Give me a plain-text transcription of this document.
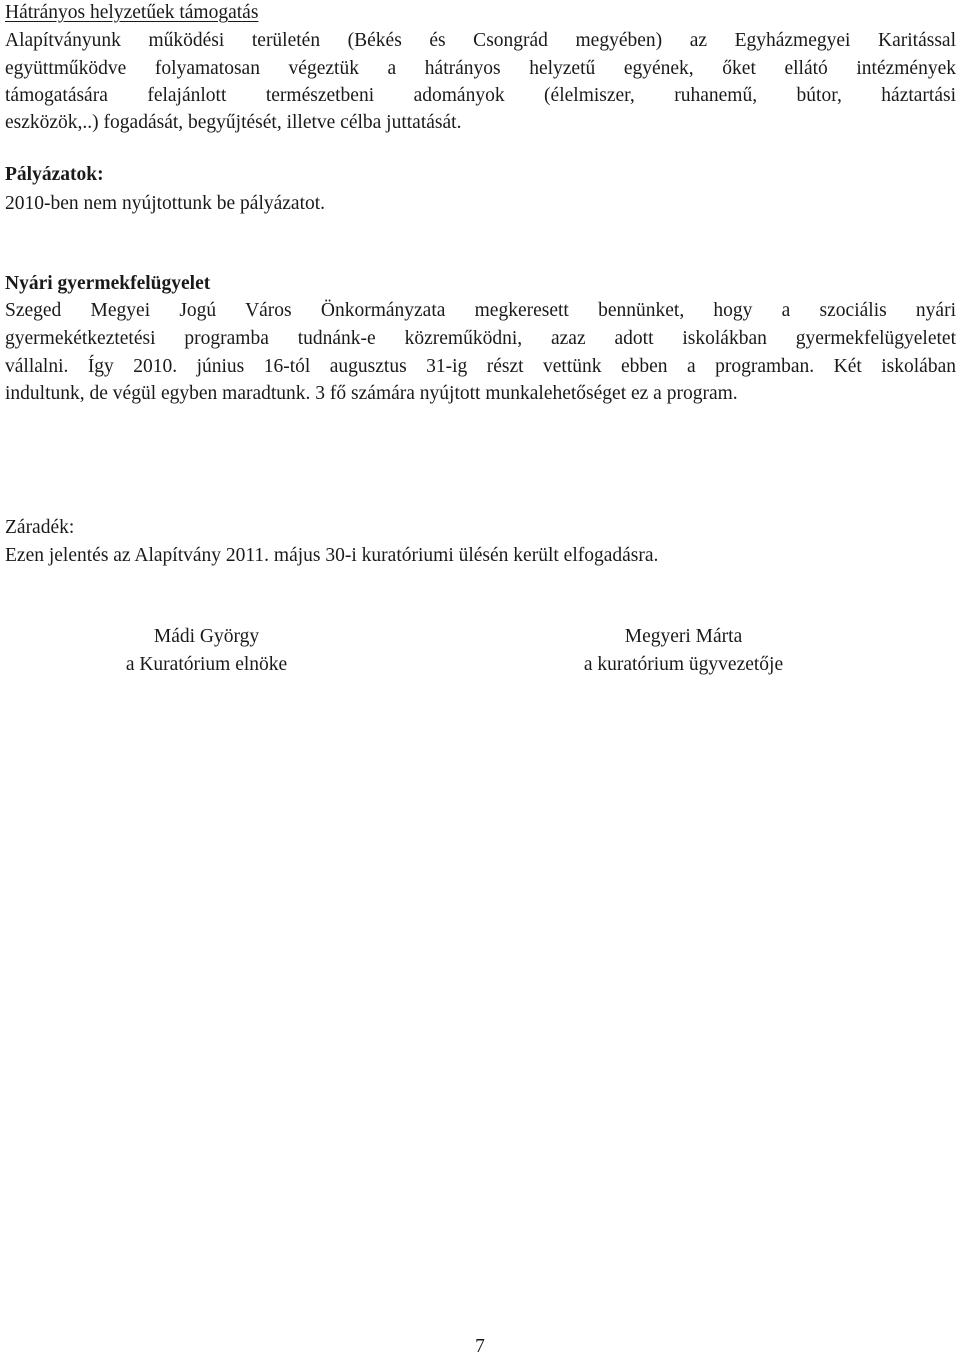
Hátrányos helyzetűek támogatás
Alapítványunk működési területén (Békés és Csongrád megyében) az Egyházmegyei Karitással
együttműködve folyamatosan végeztük a hátrányos helyzetű egyének, őket ellátó intézmények
támogatására felajánlott természetbeni adományok (élelmiszer, ruhanemű, bútor, háztartási
eszközök,..) fogadását, begyűjtését, illetve célba juttatását.
Pályázatok:
2010-ben nem nyújtottunk be pályázatot.
Nyári gyermekfelügyelet
Szeged Megyei Jogú Város Önkormányzata megkeresett bennünket, hogy a szociális nyári
gyermekétkeztetési programba tudnánk-e közreműködni, azaz adott iskolákban gyermekfelügyeletet
vállalni. Így 2010. június 16-tól augusztus 31-ig részt vettünk ebben a programban. Két iskolában
indultunk, de végül egyben maradtunk. 3 fő számára nyújtott munkalehetőséget ez a program.
Záradék:
Ezen jelentés az Alapítvány 2011. május 30-i kuratóriumi ülésén került elfogadásra.
Mádi György
a Kuratórium elnöke
Megyeri Márta
a kuratórium ügyvezetője
7
